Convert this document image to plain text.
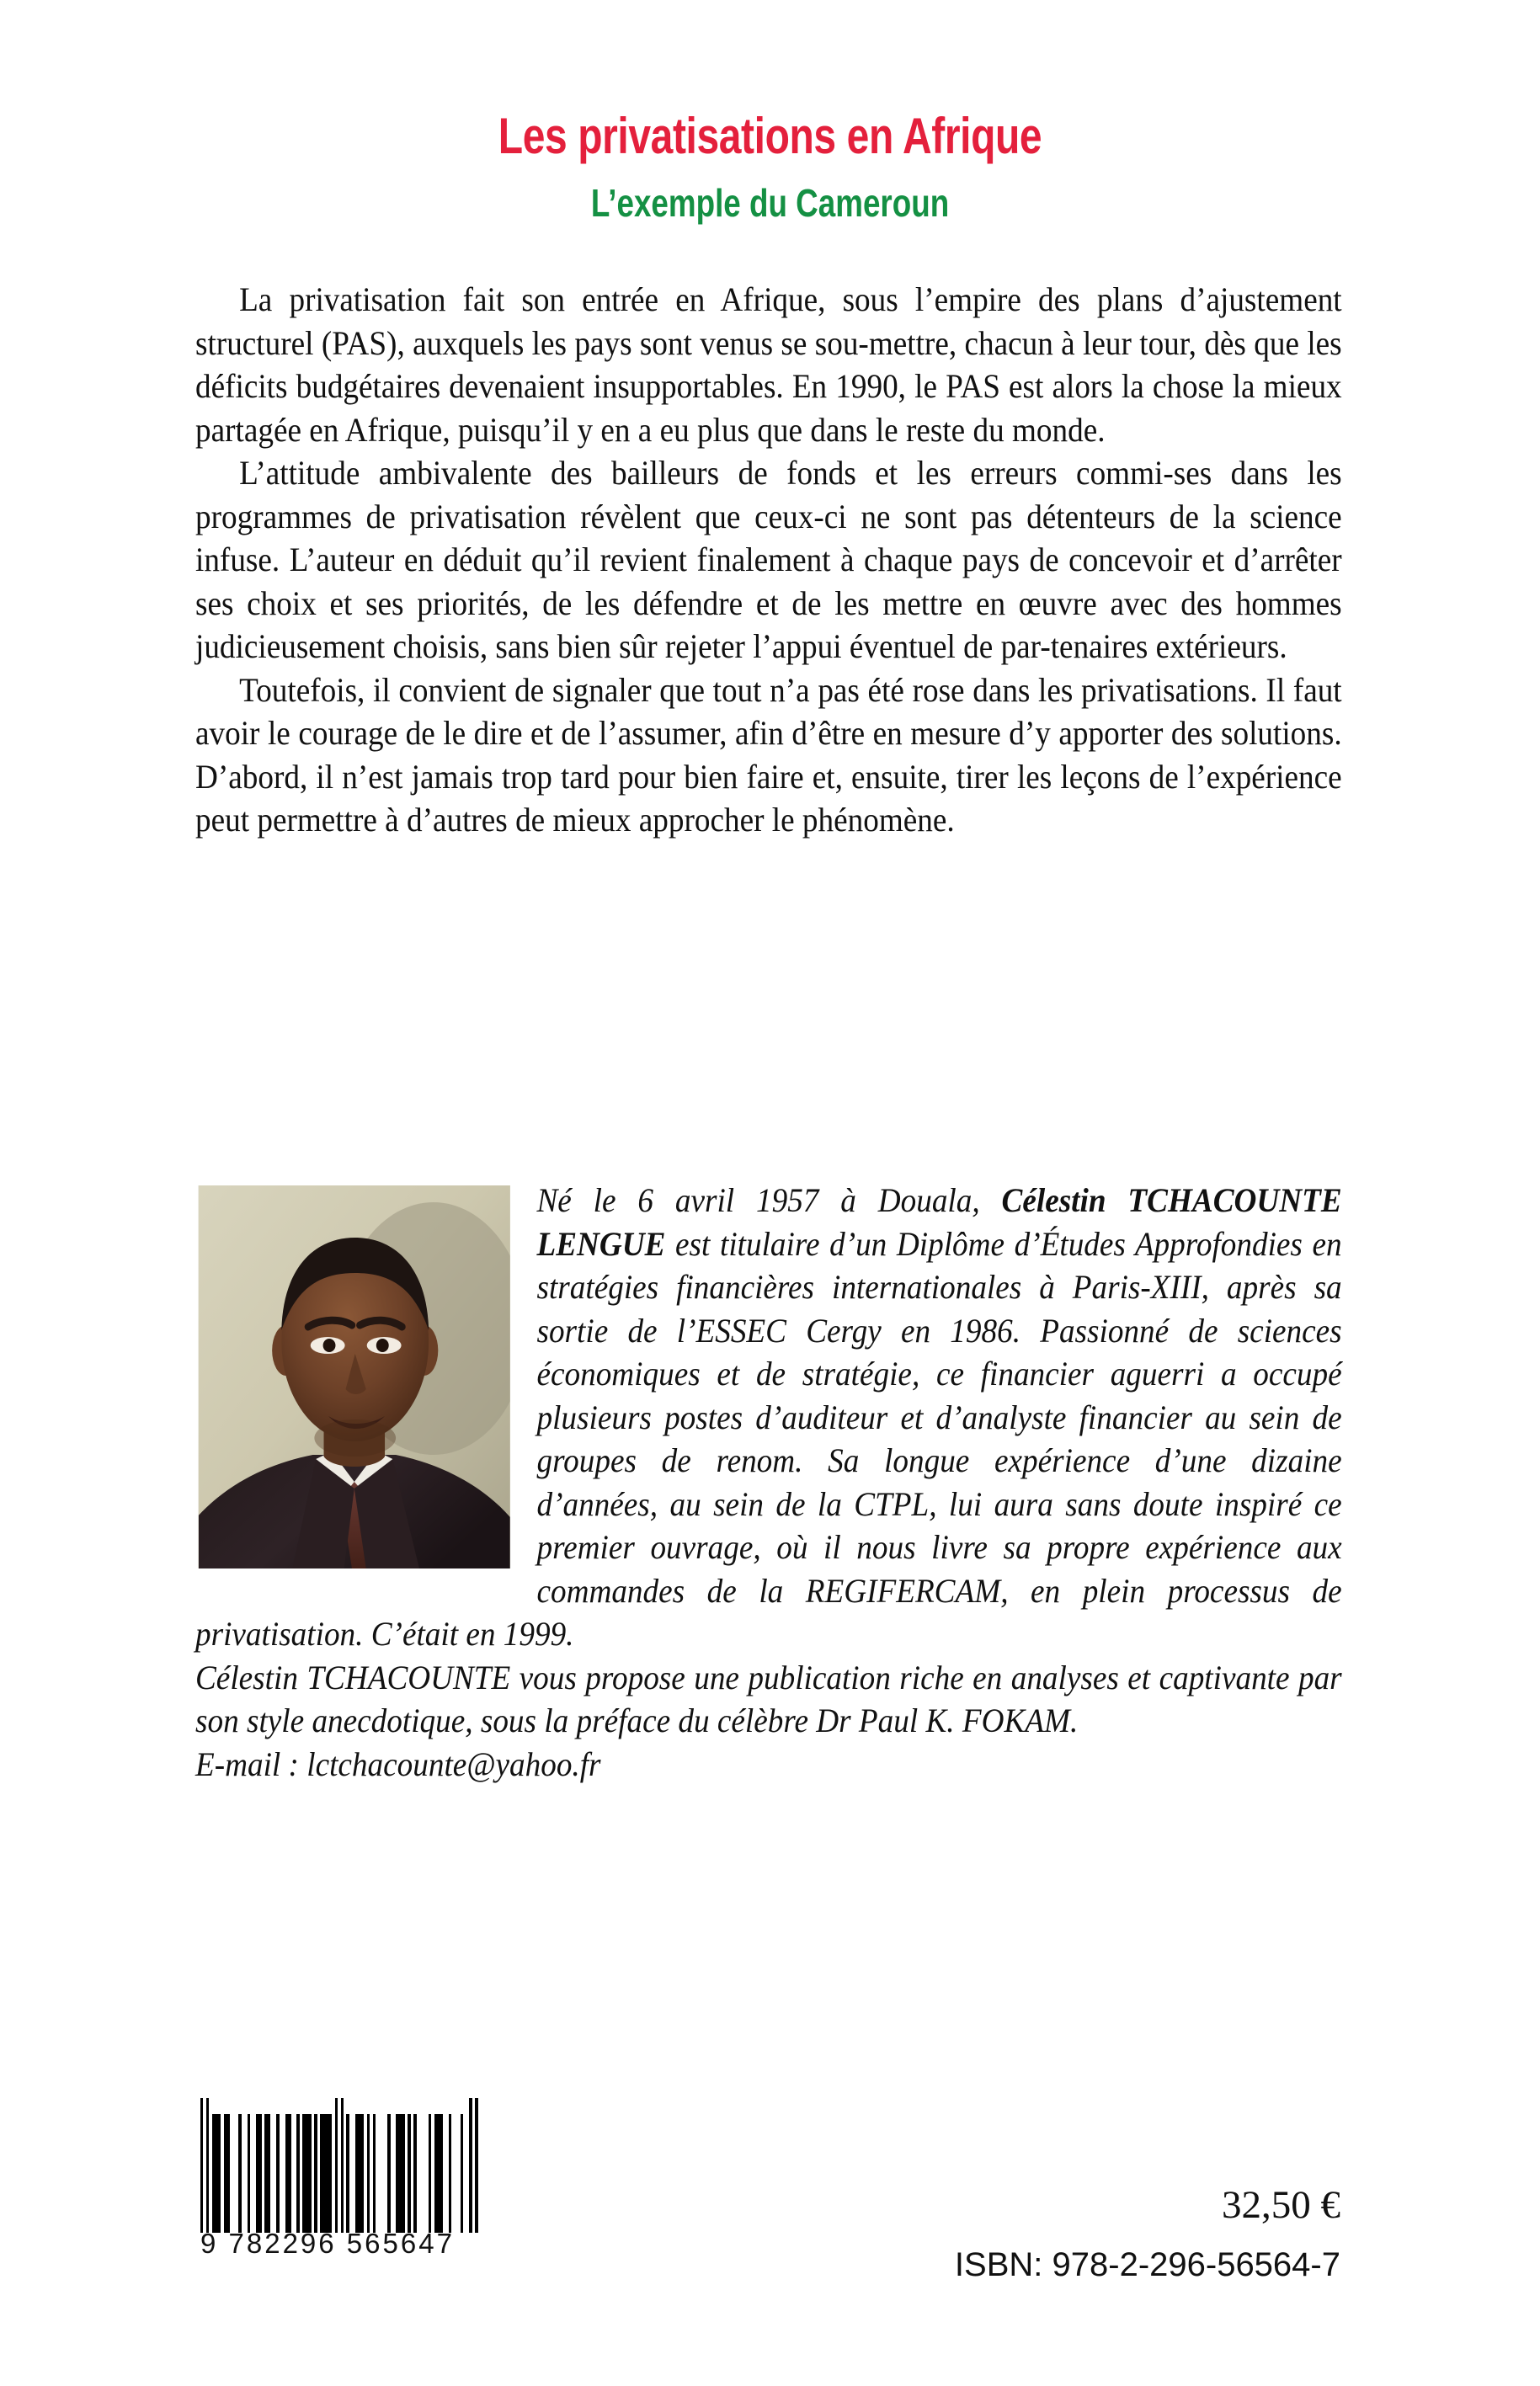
Les privatisations en Afrique
L’exemple du Cameroun

La privatisation fait son entrée en Afrique, sous l’empire des plans d’ajustement structurel (PAS), auxquels les pays sont venus se sou-mettre, chacun à leur tour, dès que les déficits budgétaires devenaient insupportables. En 1990, le PAS est alors la chose la mieux partagée en Afrique, puisqu’il y en a eu plus que dans le reste du monde.

L’attitude ambivalente des bailleurs de fonds et les erreurs commi-ses dans les programmes de privatisation révèlent que ceux-ci ne sont pas détenteurs de la science infuse. L’auteur en déduit qu’il revient finalement à chaque pays de concevoir et d’arrêter ses choix et ses priorités, de les défendre et de les mettre en œuvre avec des hommes judicieusement choisis, sans bien sûr rejeter l’appui éventuel de par-tenaires extérieurs.

Toutefois, il convient de signaler que tout n’a pas été rose dans les privatisations. Il faut avoir le courage de le dire et de l’assumer, afin d’être en mesure d’y apporter des solutions. D’abord, il n’est jamais trop tard pour bien faire et, ensuite, tirer les leçons de l’expérience peut permettre à d’autres de mieux approcher le phénomène.

Né le 6 avril 1957 à Douala, Célestin TCHACOUNTE LENGUE est titulaire d’un Diplôme d’Études Approfondies en stratégies financières internationales à Paris-XIII, après sa sortie de l’ESSEC Cergy en 1986. Passionné de sciences économiques et de stratégie, ce financier aguerri a occupé plusieurs postes d’auditeur et d’analyste financier au sein de groupes de renom. Sa longue expérience d’une dizaine d’années, au sein de la CTPL, lui aura sans doute inspiré ce premier ouvrage, où il nous livre sa propre expérience aux commandes de la REGIFERCAM, en plein processus de privatisation. C’était en 1999.

Célestin TCHACOUNTE vous propose une publication riche en analyses et captivante par son style anecdotique, sous la préface du célèbre Dr Paul K. FOKAM.

E-mail : lctchacounte@yahoo.fr

9 782296 565647
32,50 €
ISBN: 978-2-296-56564-7
